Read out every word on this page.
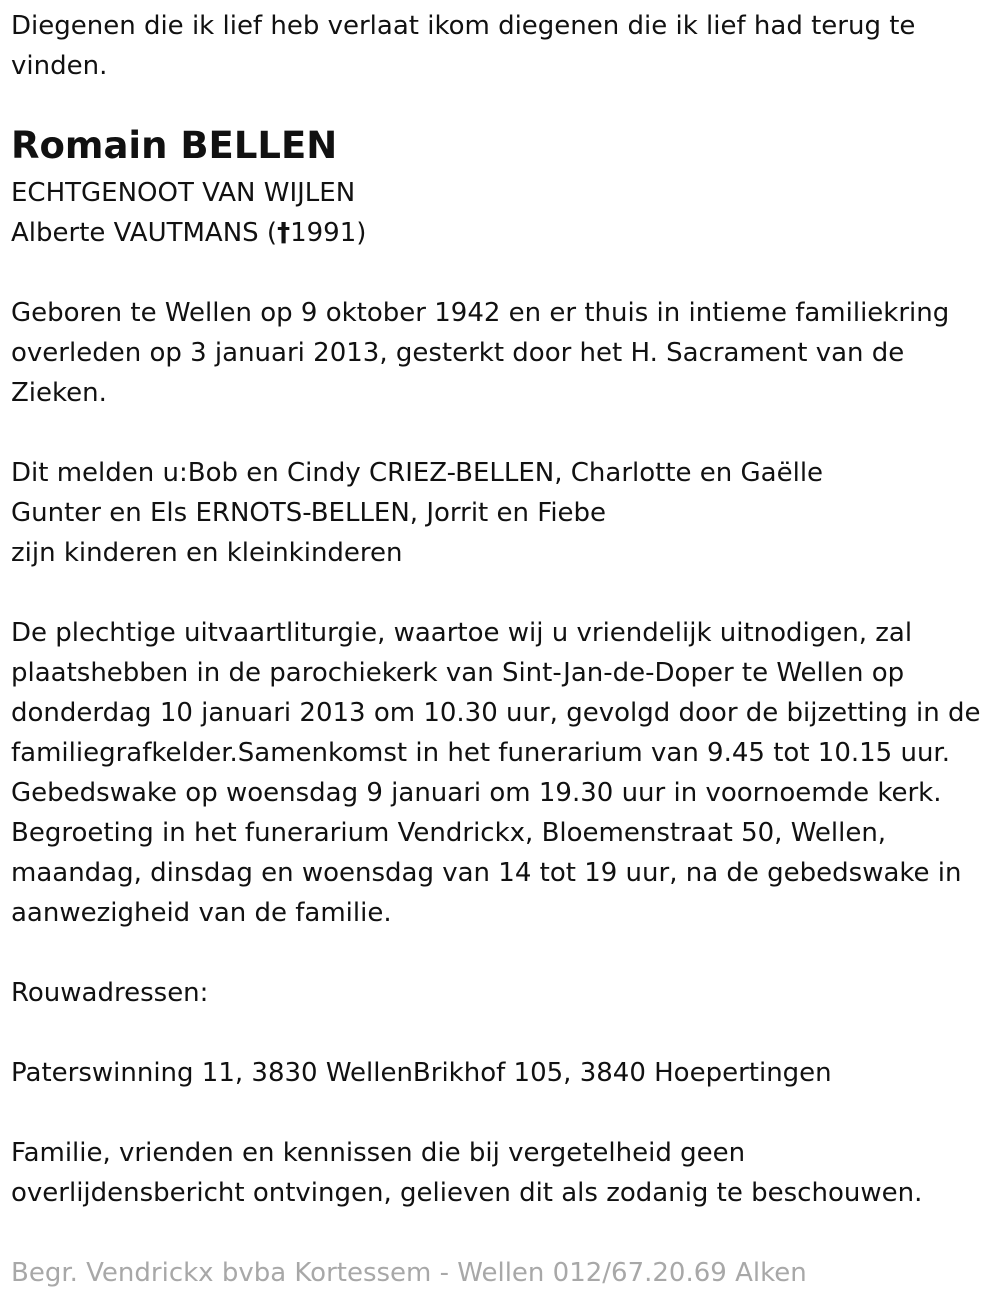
Diegenen die ik lief heb verlaat ikom diegenen die ik lief had terug te
vinden.

Romain BELLEN

ECHTGENOOT VAN WIJLEN

Alberte VAUTMANS (†1991)

Geboren te Wellen op 9 oktober 1942 en er thuis in intieme familiekring
overleden op 3 januari 2013, gesterkt door het H. Sacrament van de
Zieken.

Dit melden u:Bob en Cindy CRIEZ-BELLEN, Charlotte en Gaëlle
Gunter en Els ERNOTS-BELLEN, Jorrit en Fiebe
zijn kinderen en kleinkinderen

De plechtige uitvaartliturgie, waartoe wij u vriendelijk uitnodigen, zal
plaatshebben in de parochiekerk van Sint-Jan-de-Doper te Wellen op
donderdag 10 januari 2013 om 10.30 uur, gevolgd door de bijzetting in de
familiegrafkelder.Samenkomst in het funerarium van 9.45 tot 10.15 uur.
Gebedswake op woensdag 9 januari om 19.30 uur in voornoemde kerk.
Begroeting in het funerarium Vendrickx, Bloemenstraat 50, Wellen,
maandag, dinsdag en woensdag van 14 tot 19 uur, na de gebedswake in
aanwezigheid van de familie.

Rouwadressen:

Paterswinning 11, 3830 WellenBrikhof 105, 3840 Hoepertingen

Familie, vrienden en kennissen die bij vergetelheid geen
overlijdensbericht ontvingen, gelieven dit als zodanig te beschouwen.

Begr. Vendrickx bvba Kortessem - Wellen 012/67.20.69 Alken
